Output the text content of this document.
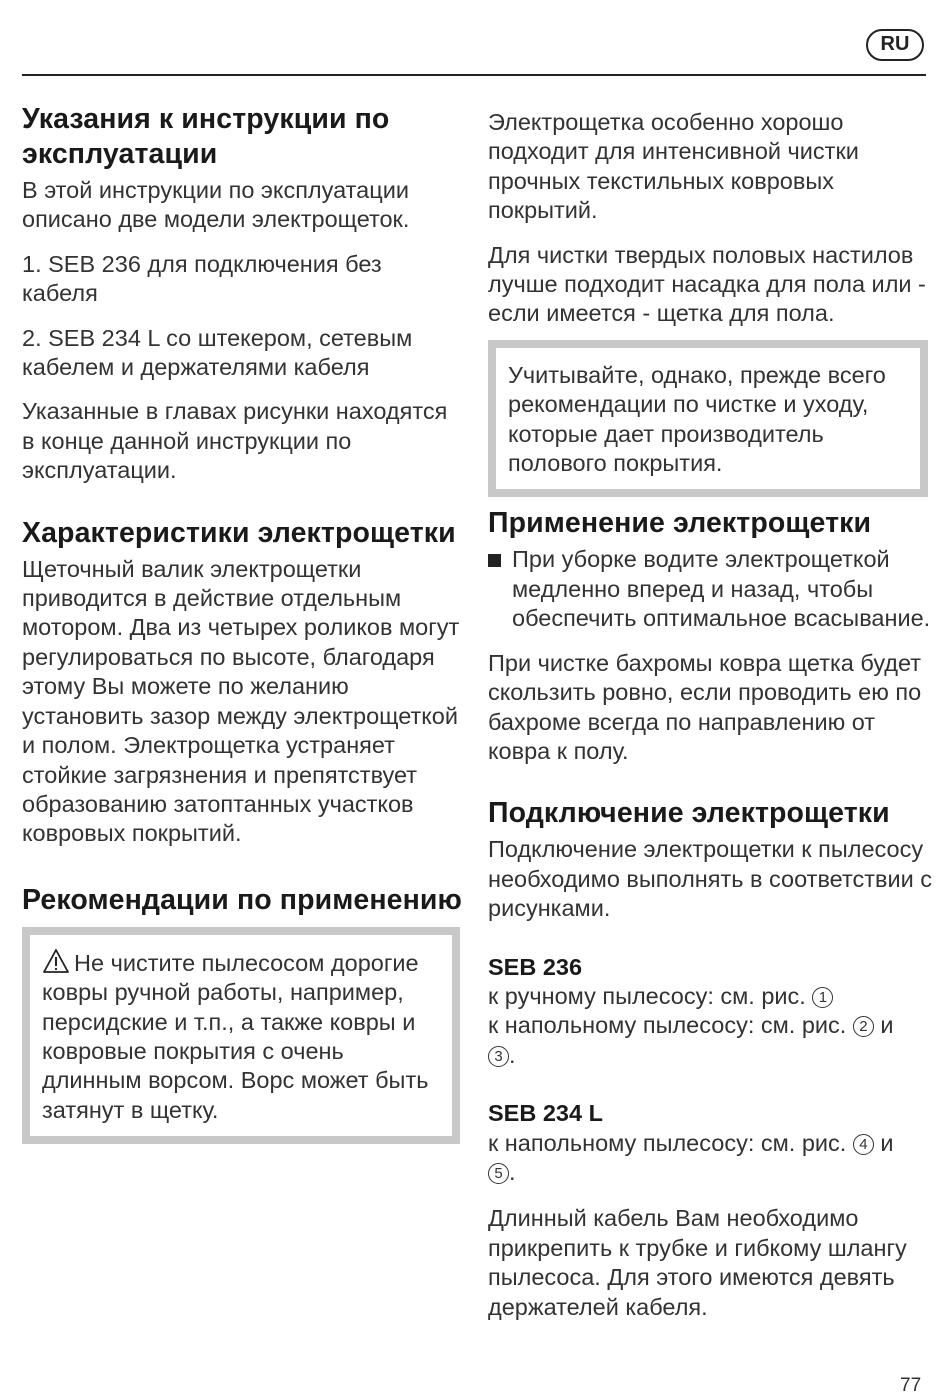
RU
Указания к инструкции по эксплуатации

В этой инструкции по эксплуатации описано две модели электрощеток.

1. SEB 236 для подключения без кабеля

2. SEB 234 L со штекером, сетевым кабелем и держателями кабеля

Указанные в главах рисунки находятся в конце данной инструкции по эксплуатации.

Характеристики электрощетки

Щеточный валик электрощетки приводится в действие отдельным мотором. Два из четырех роликов могут регулироваться по высоте, благодаря этому Вы можете по желанию установить зазор между электрощеткой и полом. Электрощетка устраняет стойкие загрязнения и препятствует образованию затоптанных участков ковровых покрытий.

Рекомендации по применению

Не чистите пылесосом дорогие ковры ручной работы, например, персидские и т.п., а также ковры и ковровые покрытия с очень длинным ворсом. Ворс может быть затянут в щетку.

Электрощетка особенно хорошо подходит для интенсивной чистки прочных текстильных ковровых покрытий.

Для чистки твердых половых настилов лучше подходит насадка для пола или - если имеется - щетка для пола.

Учитывайте, однако, прежде всего рекомендации по чистке и уходу, которые дает производитель полового покрытия.

Применение электрощетки

При уборке водите электрощеткой медленно вперед и назад, чтобы обеспечить оптимальное всасывание.

При чистке бахромы ковра щетка будет скользить ровно, если проводить ею по бахроме всегда по направлению от ковра к полу.

Подключение электрощетки

Подключение электрощетки к пылесосу необходимо выполнять в соответствии с рисунками.

SEB 236

к ручному пылесосу: см. рис. 1

к напольному пылесосу: см. рис. 2 и
3 .

SEB 234 L

к напольному пылесосу: см. рис. 4 и
5 .

Длинный кабель Вам необходимо прикрепить к трубке и гибкому шлангу пылесоса. Для этого имеются девять держателей кабеля.

77
